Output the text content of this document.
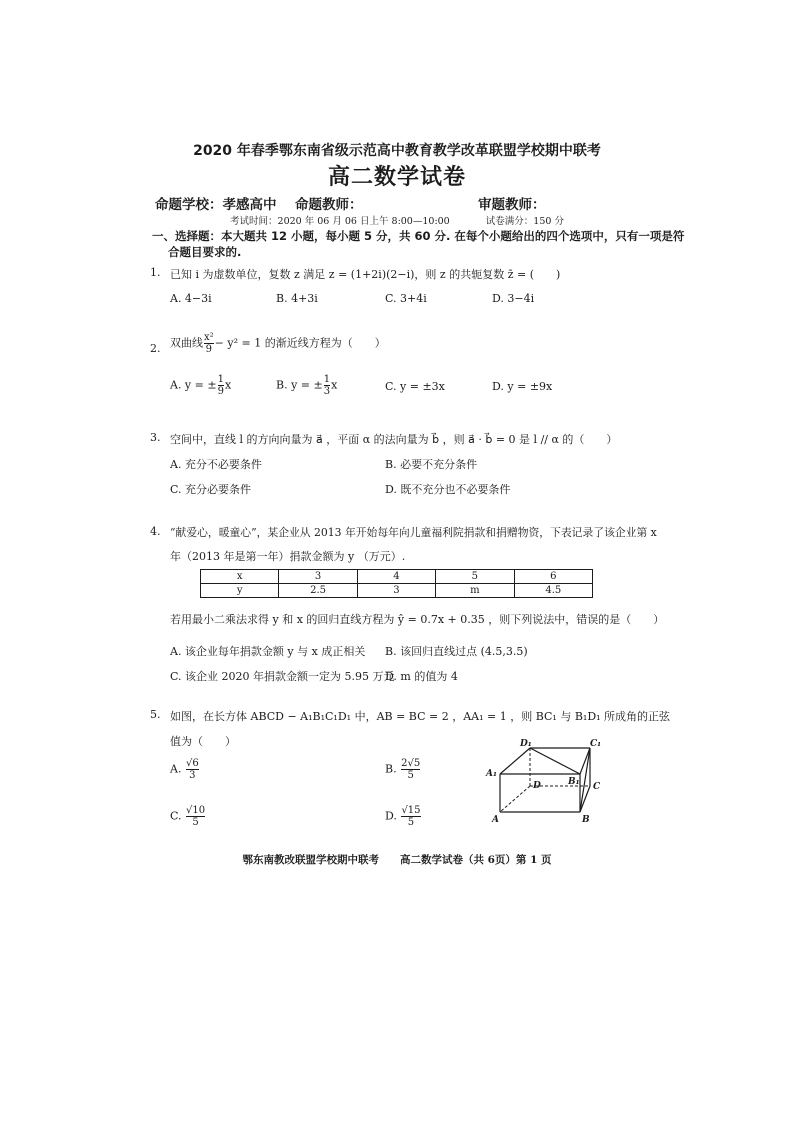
2020 年春季鄂东南省级示范高中教育教学改革联盟学校期中联考
高二数学试卷
命题学校：孝感高中 命题教师：	审题教师：
考试时间：2020 年 06 月 06 日上午 8:00—10:00	试卷满分：150 分
一、选择题：本大题共 12 小题，每小题 5 分，共 60 分. 在每个小题给出的四个选项中，只有一项是符
合题目要求的.
1. 已知 i 为虚数单位，复数 z 满足 z = (1+2i)(2−i)，则 z 的共轭复数 z̄ = (　　)
A. 4−3i	B. 4+3i	C. 3+4i	D. 3−4i
2. 双曲线 $\frac{\text{x²}}{9} - y^2 = 1$ 的渐近线方程为（　　）
A. y = ± $\frac{1}{9}$ x	B. y = ± $\frac{1}{3}$ x	C. y = ±3x	D. y = ±9x
3. 空间中，直线 l 的方向向量为 a⃗ ，平面 α 的法向量为 b⃗ ，则 a⃗ · b⃗ = 0 是 l // α 的（　　）
A. 充分不必要条件	B. 必要不充分条件
C. 充分必要条件	D. 既不充分也不必要条件
4. “献爱心，暖童心”，某企业从 2013 年开始每年向儿童福利院捐款和捐赠物资，下表记录了该企业第 x
年（2013 年是第一年）捐款金额为 y （万元）.
x	3	4	5	6
y	2.5	3	m	4.5
若用最小二乘法求得 y 和 x 的回归直线方程为 ŷ = 0.7x + 0.35 ，则下列说法中，错误的是（　　）
A. 该企业每年捐款金额 y 与 x 成正相关 B. 该回归直线过点 (4.5,3.5)
C. 该企业 2020 年捐款金额一定为 5.95 万元
D. m 的值为 4
5. 如图，在长方体 ABCD − A₁B₁C₁D₁ 中，AB = BC = 2 ，AA₁ = 1 ，则 BC₁ 与 B₁D₁ 所成角的正弦
值为（　　）
A. $\frac{√6}{3}$	B. $\frac{2√5}{5}$
C. $\frac{√10}{5}$	D. $\frac{√15}{5}$
D₁	C₁
A₁
B₁
D	C
A	B
鄂东南教改联盟学校期中联考　　高二数学试卷（共 6页）第 1 页
